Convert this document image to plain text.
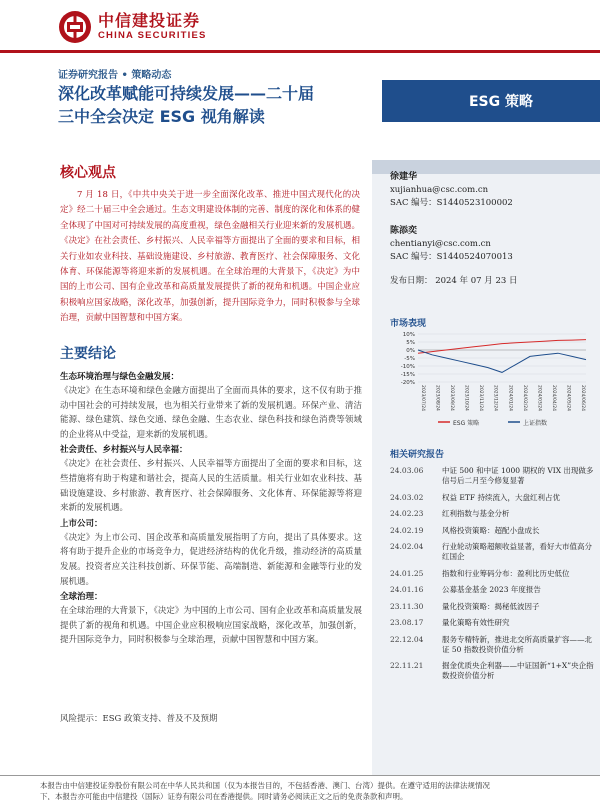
中信建投证券
CHINA SECURITIES
证券研究报告 • 策略动态
深化改革赋能可持续发展——二十届
三中全会决定 ESG 视角解读
ESG 策略
核心观点
7 月 18 日，《中共中央关于进一步全面深化改革、推进中国式现代化的决定》经二十届三中全会通过。生态文明建设体制的完善、制度的深化和体系的健全体现了中国对可持续发展的高度重视，绿色金融相关行业迎来新的发展机遇。《决定》在社会责任、乡村振兴、人民幸福等方面提出了全面的要求和目标，相关行业如农业科技、基础设施建设、乡村旅游、教育医疗、社会保障服务、文化体育、环保能源等将迎来新的发展机遇。在全球治理的大背景下，《决定》为中国的上市公司、国有企业改革和高质量发展提供了新的视角和机遇。中国企业应积极响应国家战略，深化改革，加强创新，提升国际竞争力，同时积极参与全球治理，贡献中国智慧和中国方案。
主要结论
生态环境治理与绿色金融发展：
《决定》在生态环境和绿色金融方面提出了全面而具体的要求，这不仅有助于推动中国社会的可持续发展，也为相关行业带来了新的发展机遇。环保产业、清洁能源、绿色建筑、绿色交通、绿色金融、生态农业、绿色科技和绿色消费等领域的企业将从中受益，迎来新的发展机遇。
社会责任、乡村振兴与人民幸福：
《决定》在社会责任、乡村振兴、人民幸福等方面提出了全面的要求和目标，这些措施将有助于构建和谐社会，提高人民的生活质量。相关行业如农业科技、基础设施建设、乡村旅游、教育医疗、社会保障服务、文化体育、环保能源等将迎来新的发展机遇。
上市公司：
《决定》为上市公司、国企改革和高质量发展指明了方向，提出了具体要求。这将有助于提升企业的市场竞争力，促进经济结构的优化升级，推动经济的高质量发展。投资者应关注科技创新、环保节能、高端制造、新能源和金融等行业的发展机遇。
全球治理：
在全球治理的大背景下，《决定》为中国的上市公司、国有企业改革和高质量发展提供了新的视角和机遇。中国企业应积极响应国家战略，深化改革，加强创新，提升国际竞争力，同时积极参与全球治理，贡献中国智慧和中国方案。
风险提示：ESG 政策支持、普及不及预期
徐建华
xujianhua@csc.com.cn
SAC 编号：S1440523100002
陈添奕
chentianyi@csc.com.cn
SAC 编号：S1440524070013
发布日期： 2024 年 07 月 23 日
市场表现
10%
5%
0%
-5%
-10%
-15%
-20%
2023/07/24 2023/08/24 2023/09/24 2023/10/24 2023/11/24 2023/12/24 2024/01/24 2024/02/24 2024/03/24 2024/04/24 2024/05/24 2024/06/24
ESG 策略	上证指数
相关研究报告
24.03.06	中证 500 和中证 1000 期权的 VIX 出现做多信号后二月至今修复显著
24.03.02	权益 ETF 持续流入，大盘红利占优
24.02.23	红利指数与基金分析
24.02.19	风格投资策略：超配小盘成长
24.02.04	行业轮动策略超额收益显著，看好大市值高分红国企
24.01.25	指数和行业筹码分布：盈利比历史低位
24.01.16	公募基金基金 2023 年度报告
23.11.30	量化投资策略：揭秘低波因子
23.08.17	量化策略有效性研究
22.12.04	服务专精特新，推进北交所高质量扩容——北证 50 指数投资价值分析
22.11.21	掘金优质央企利器——中证国新“1+X”央企指数投资价值分析
本报告由中信建投证券股份有限公司在中华人民共和国（仅为本报告目的，不包括香港、澳门、台湾）提供。在遵守适用的法律法规情况
下，本报告亦可能由中信建投（国际）证券有限公司在香港提供。同时请务必阅读正文之后的免责条款和声明。
